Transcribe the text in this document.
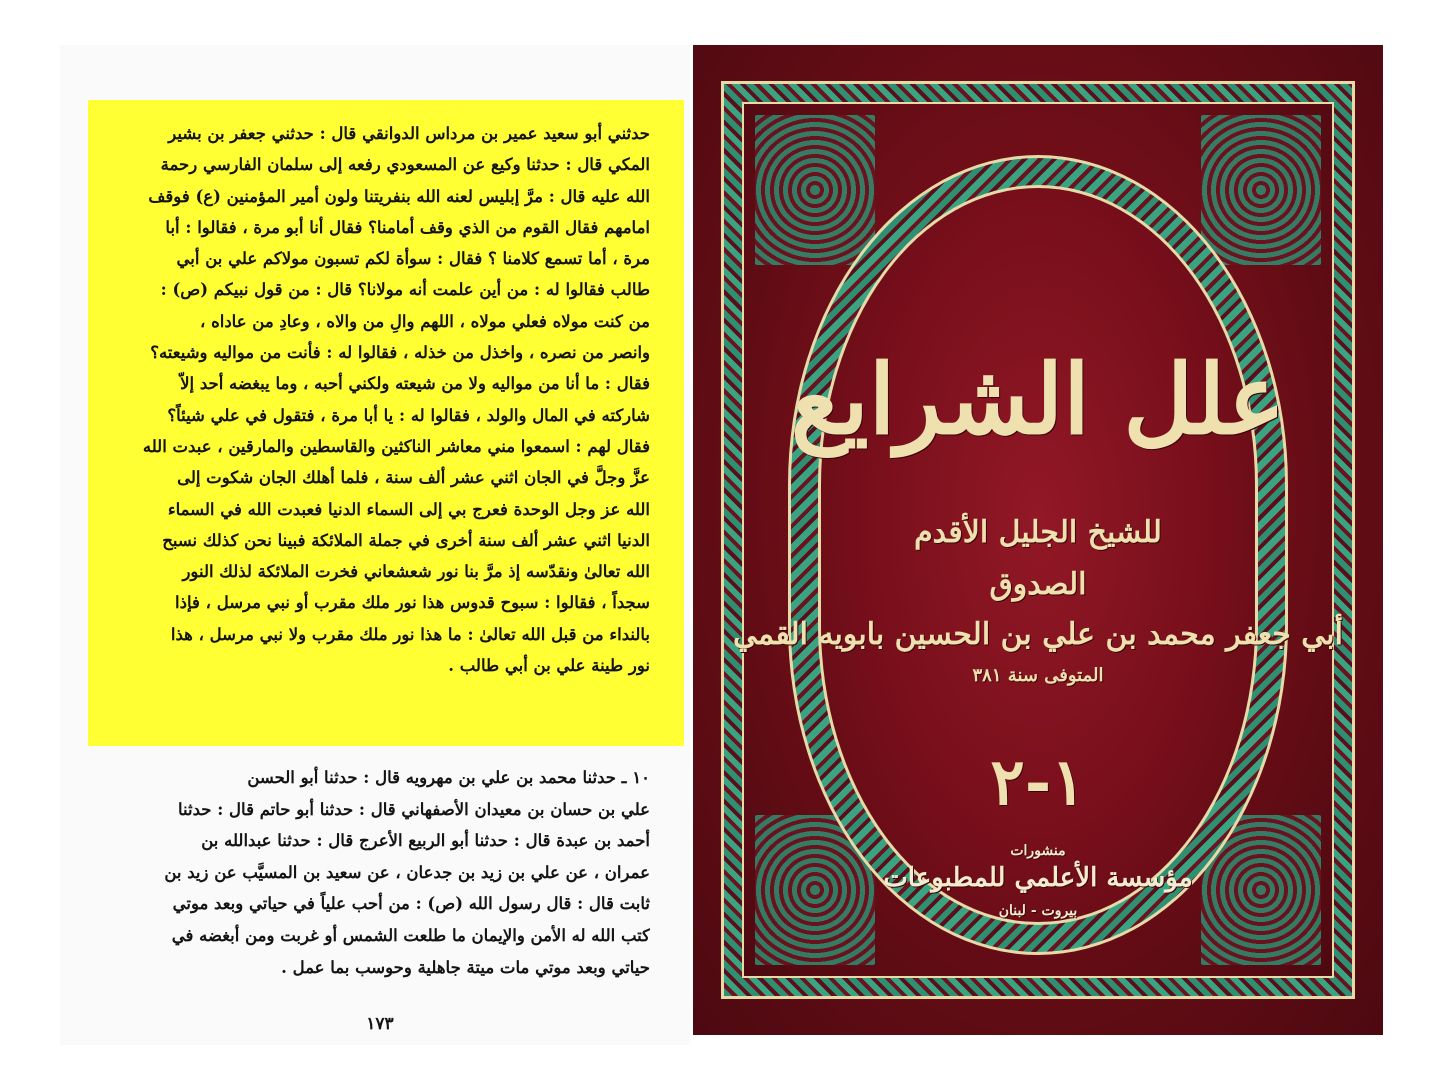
حدثني أبو سعيد عمير بن مرداس الدوانقي قال : حدثني جعفر بن بشير
المكي قال : حدثنا وكيع عن المسعودي رفعه إلى سلمان الفارسي رحمة
الله عليه قال : مرَّ إبليس لعنه الله بنفريتنا ولون أمير المؤمنين (ع) فوقف
امامهم فقال القوم من الذي وقف أمامنا؟ فقال أنا أبو مرة ، فقالوا : أبا
مرة ، أما تسمع كلامنا ؟ فقال : سوأة لكم تسبون مولاكم علي بن أبي
طالب فقالوا له : من أين علمت أنه مولانا؟ قال : من قول نبيكم (ص) :
من كنت مولاه فعلي مولاه ، اللهم والِ من والاه ، وعادِ من عاداه ،
وانصر من نصره ، واخذل من خذله ، فقالوا له : فأنت من مواليه وشيعته؟
فقال : ما أنا من مواليه ولا من شيعته ولكني أحبه ، وما يبغضه أحد إلاّ
شاركته في المال والولد ، فقالوا له : يا أبا مرة ، فتقول في علي شيئاً؟
فقال لهم : اسمعوا مني معاشر الناكثين والقاسطين والمارقين ، عبدت الله
عزَّ وجلَّ في الجان اثني عشر ألف سنة ، فلما أهلك الجان شكوت إلى
الله عز وجل الوحدة فعرج بي إلى السماء الدنيا فعبدت الله في السماء
الدنيا اثني عشر ألف سنة أخرى في جملة الملائكة فبينا نحن كذلك نسبح
الله تعالىٰ ونقدّسه إذ مرَّ بنا نور شعشعاني فخرت الملائكة لذلك النور
سجداً ، فقالوا : سبوح قدوس هذا نور ملك مقرب أو نبي مرسل ، فإذا
بالنداء من قبل الله تعالىٰ : ما هذا نور ملك مقرب ولا نبي مرسل ، هذا
نور طينة علي بن أبي طالب .
١٠ ـ حدثنا محمد بن علي بن مهرويه قال : حدثنا أبو الحسن
علي بن حسان بن معيدان الأصفهاني قال : حدثنا أبو حاتم قال : حدثنا
أحمد بن عبدة قال : حدثنا أبو الربيع الأعرج قال : حدثنا عبدالله بن
عمران ، عن علي بن زيد بن جدعان ، عن سعيد بن المسيَّب عن زيد بن
ثابت قال : قال رسول الله (ص) : من أحب علياً في حياتي وبعد موتي
كتب الله له الأمن والإيمان ما طلعت الشمس أو غربت ومن أبغضه في
حياتي وبعد موتي مات ميتة جاهلية وحوسب بما عمل .
١٧٣
علل الشرايع
للشيخ الجليل الأقدم
الصدوق
أبي جعفر محمد بن علي بن الحسين بابويه القمي
المتوفى سنة ٣٨١
١-٢
منشورات
مؤسسة الأعلمي للمطبوعات
بيروت - لبنان
